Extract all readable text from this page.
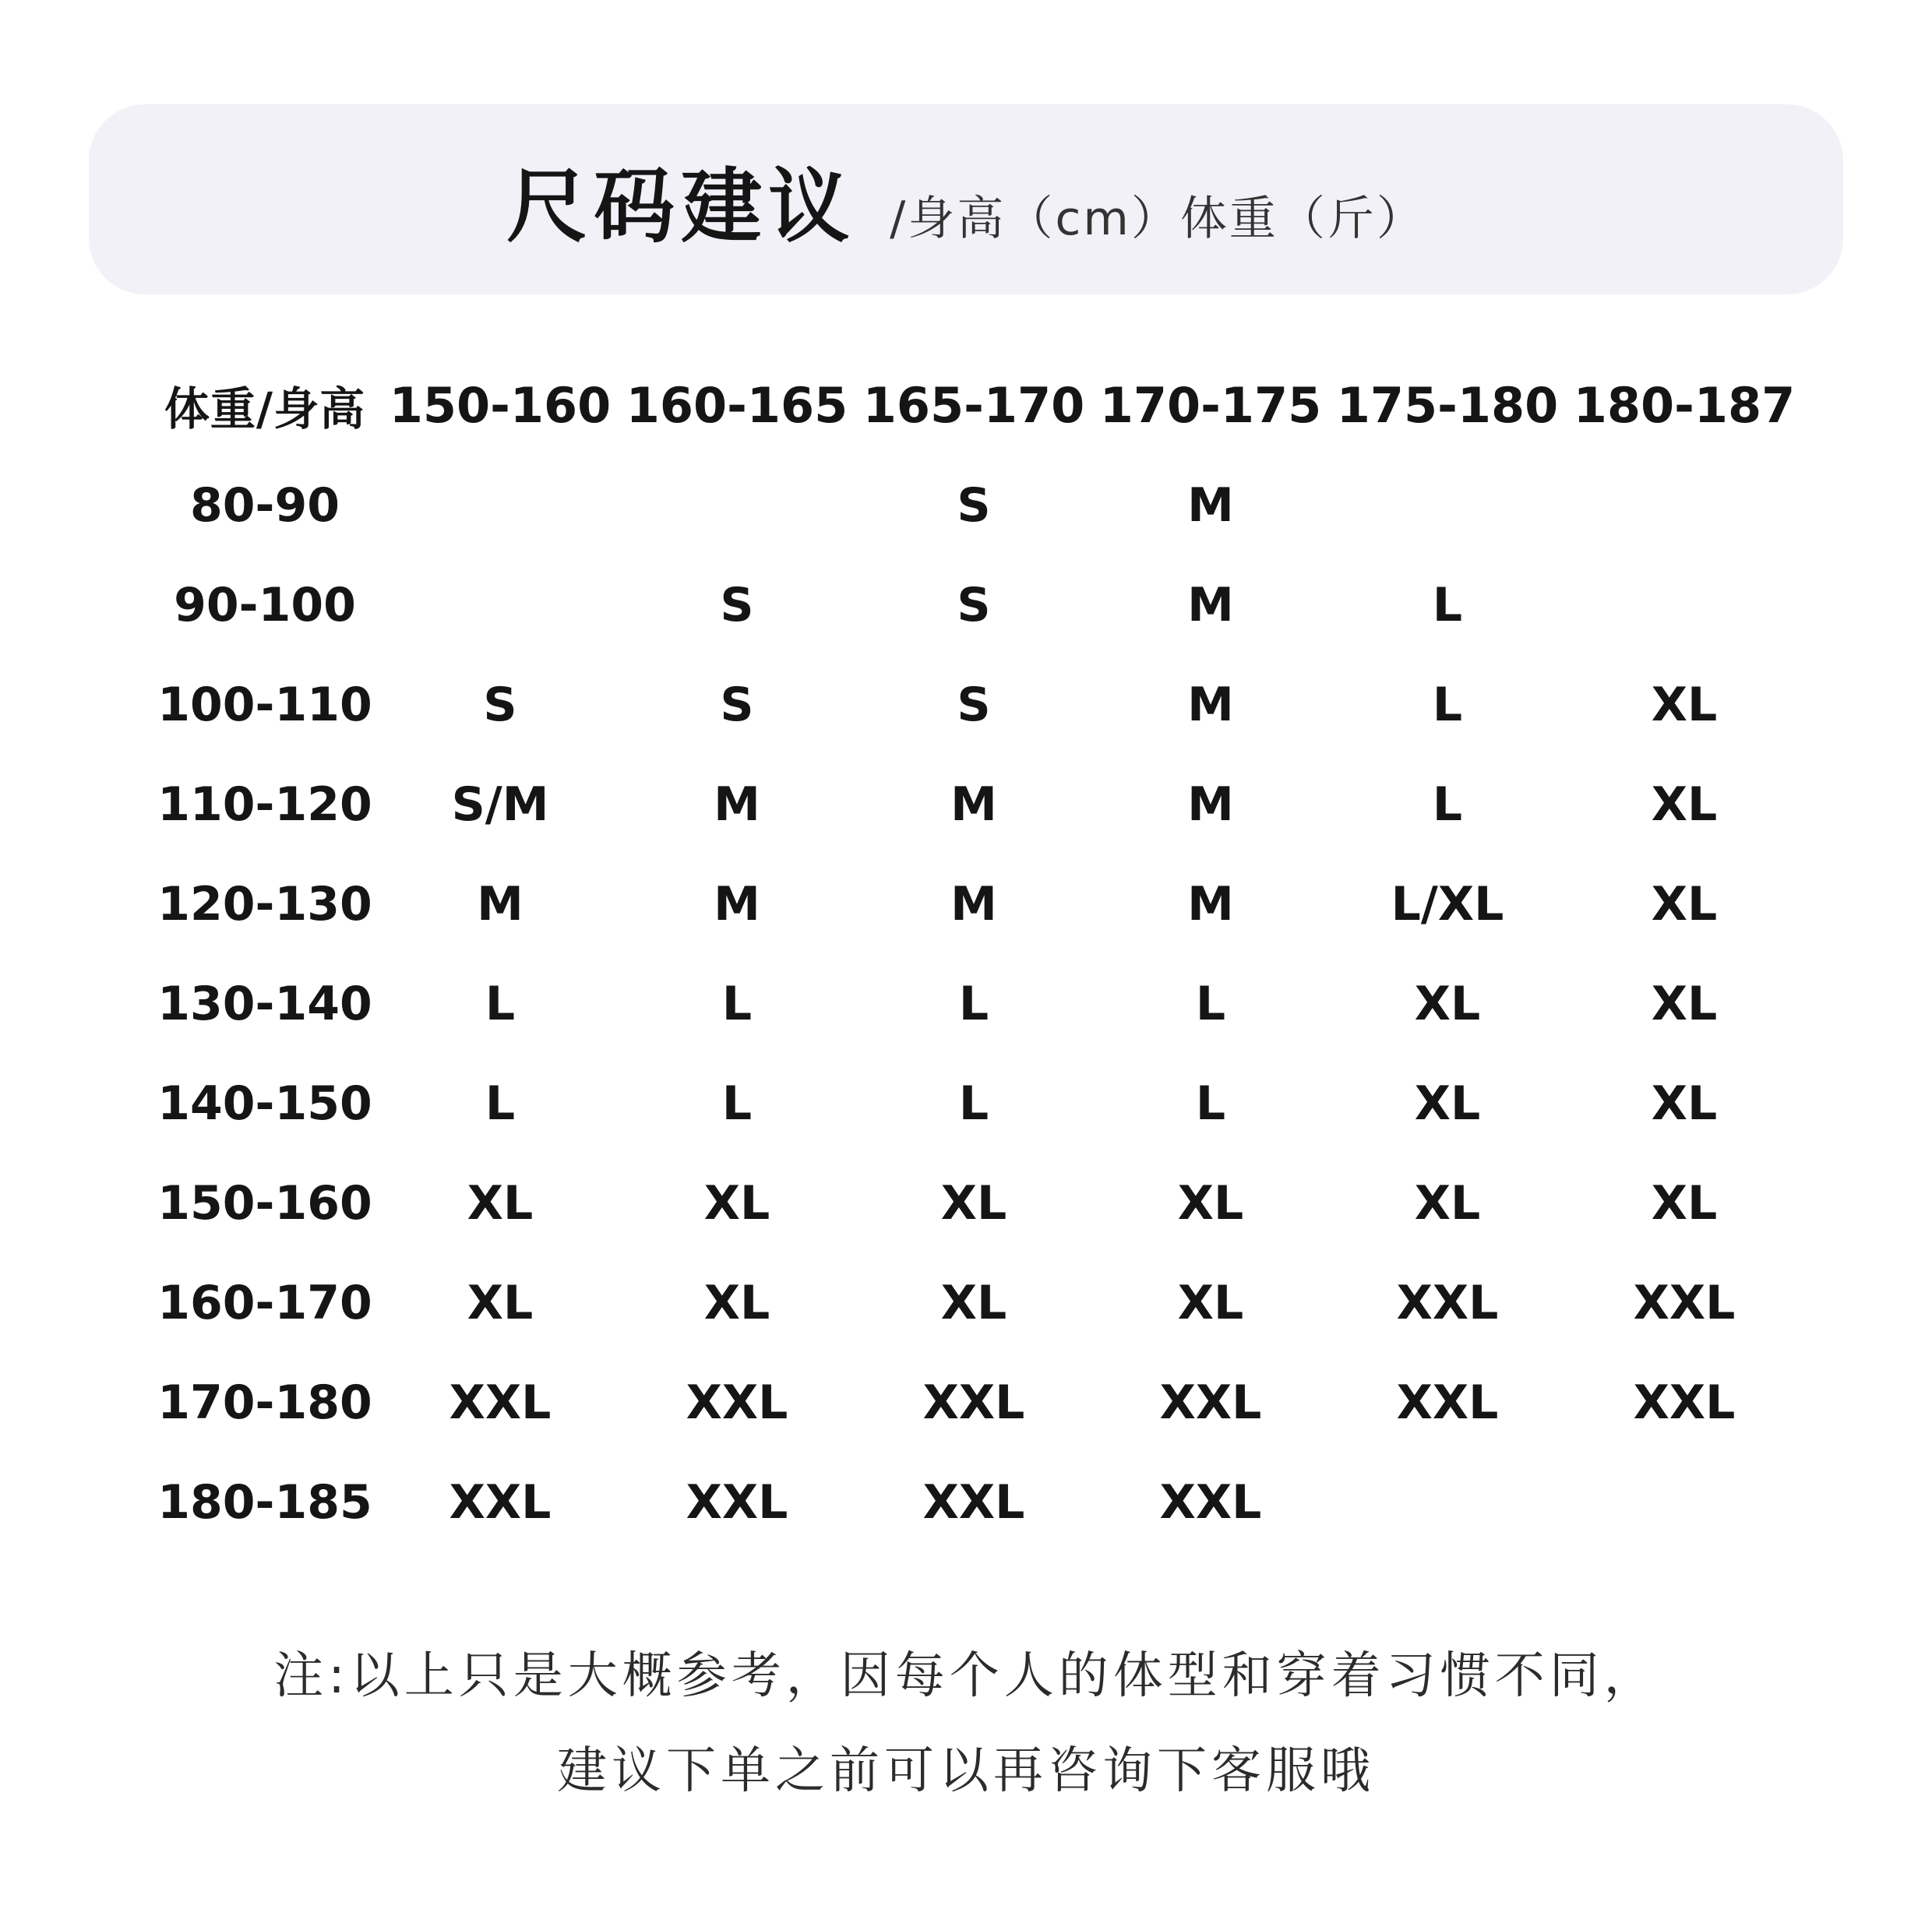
尺码建议 /身高（cm）体重（斤）
体重/身高	150-160	160-165	165-170	170-175	175-180	180-187
80-90			S	M		
90-100		S	S	M	L	
100-110	S	S	S	M	L	XL
110-120	S/M	M	M	M	L	XL
120-130	M	M	M	M	L/XL	XL
130-140	L	L	L	L	XL	XL
140-150	L	L	L	L	XL	XL
150-160	XL	XL	XL	XL	XL	XL
160-170	XL	XL	XL	XL	XXL	XXL
170-180	XXL	XXL	XXL	XXL	XXL	XXL
180-185	XXL	XXL	XXL	XXL		
注:以上只是大概参考，因每个人的体型和穿着习惯不同，
建议下单之前可以再咨询下客服哦
